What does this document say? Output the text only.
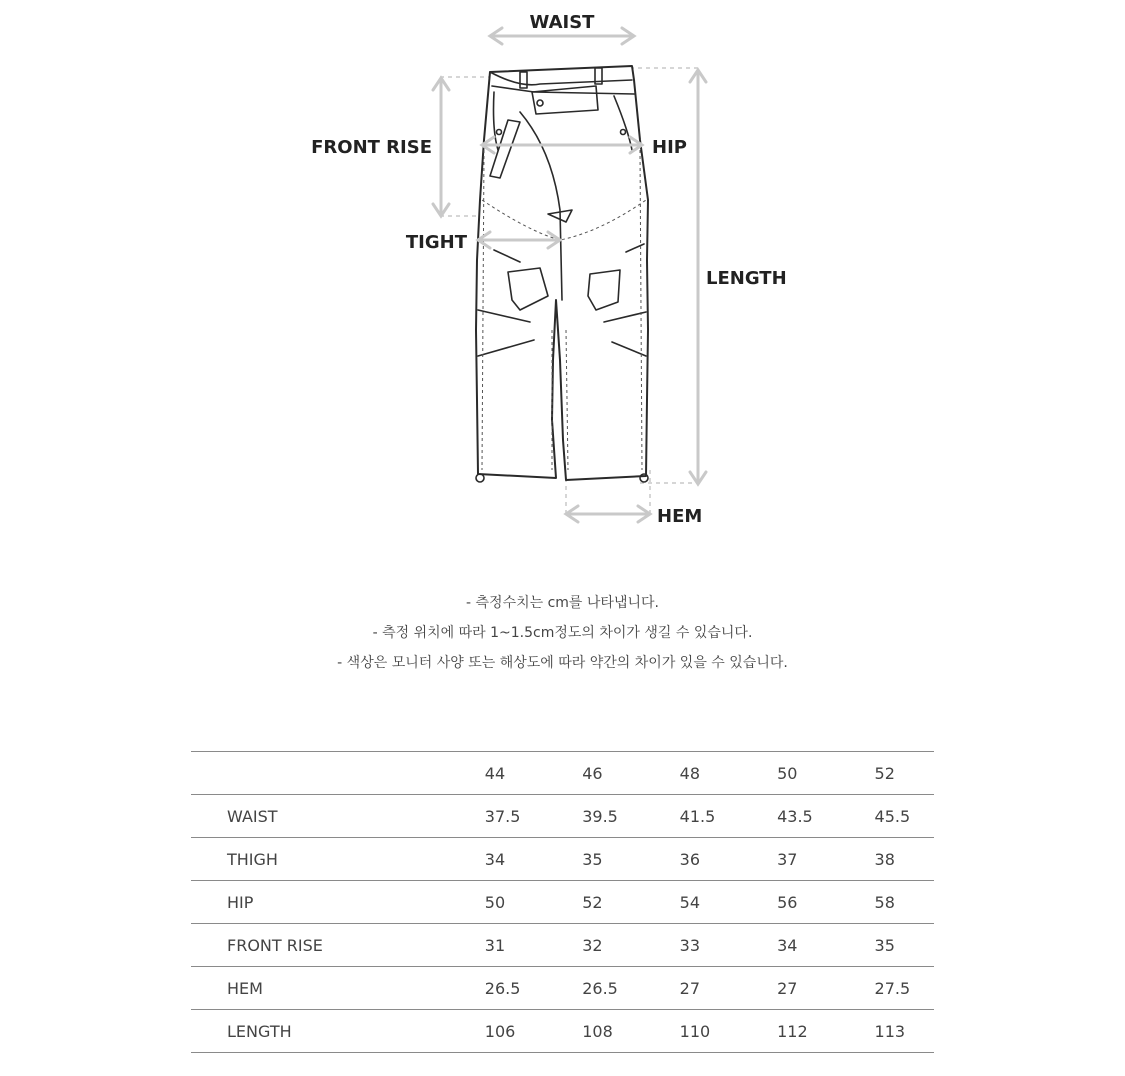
WAIST
FRONT RISE	HIP
TIGHT
LENGTH
HEM
- 측정수치는 cm를 나타냅니다.
- 측정 위치에 따라 1~1.5cm정도의 차이가 생길 수 있습니다.
- 색상은 모니터 사양 또는 해상도에 따라 약간의 차이가 있을 수 있습니다.
	44	46	48	50	52
WAIST	37.5	39.5	41.5	43.5	45.5
THIGH	34	35	36	37	38
HIP	50	52	54	56	58
FRONT RISE	31	32	33	34	35
HEM	26.5	26.5	27	27	27.5
LENGTH	106	108	110	112	113
